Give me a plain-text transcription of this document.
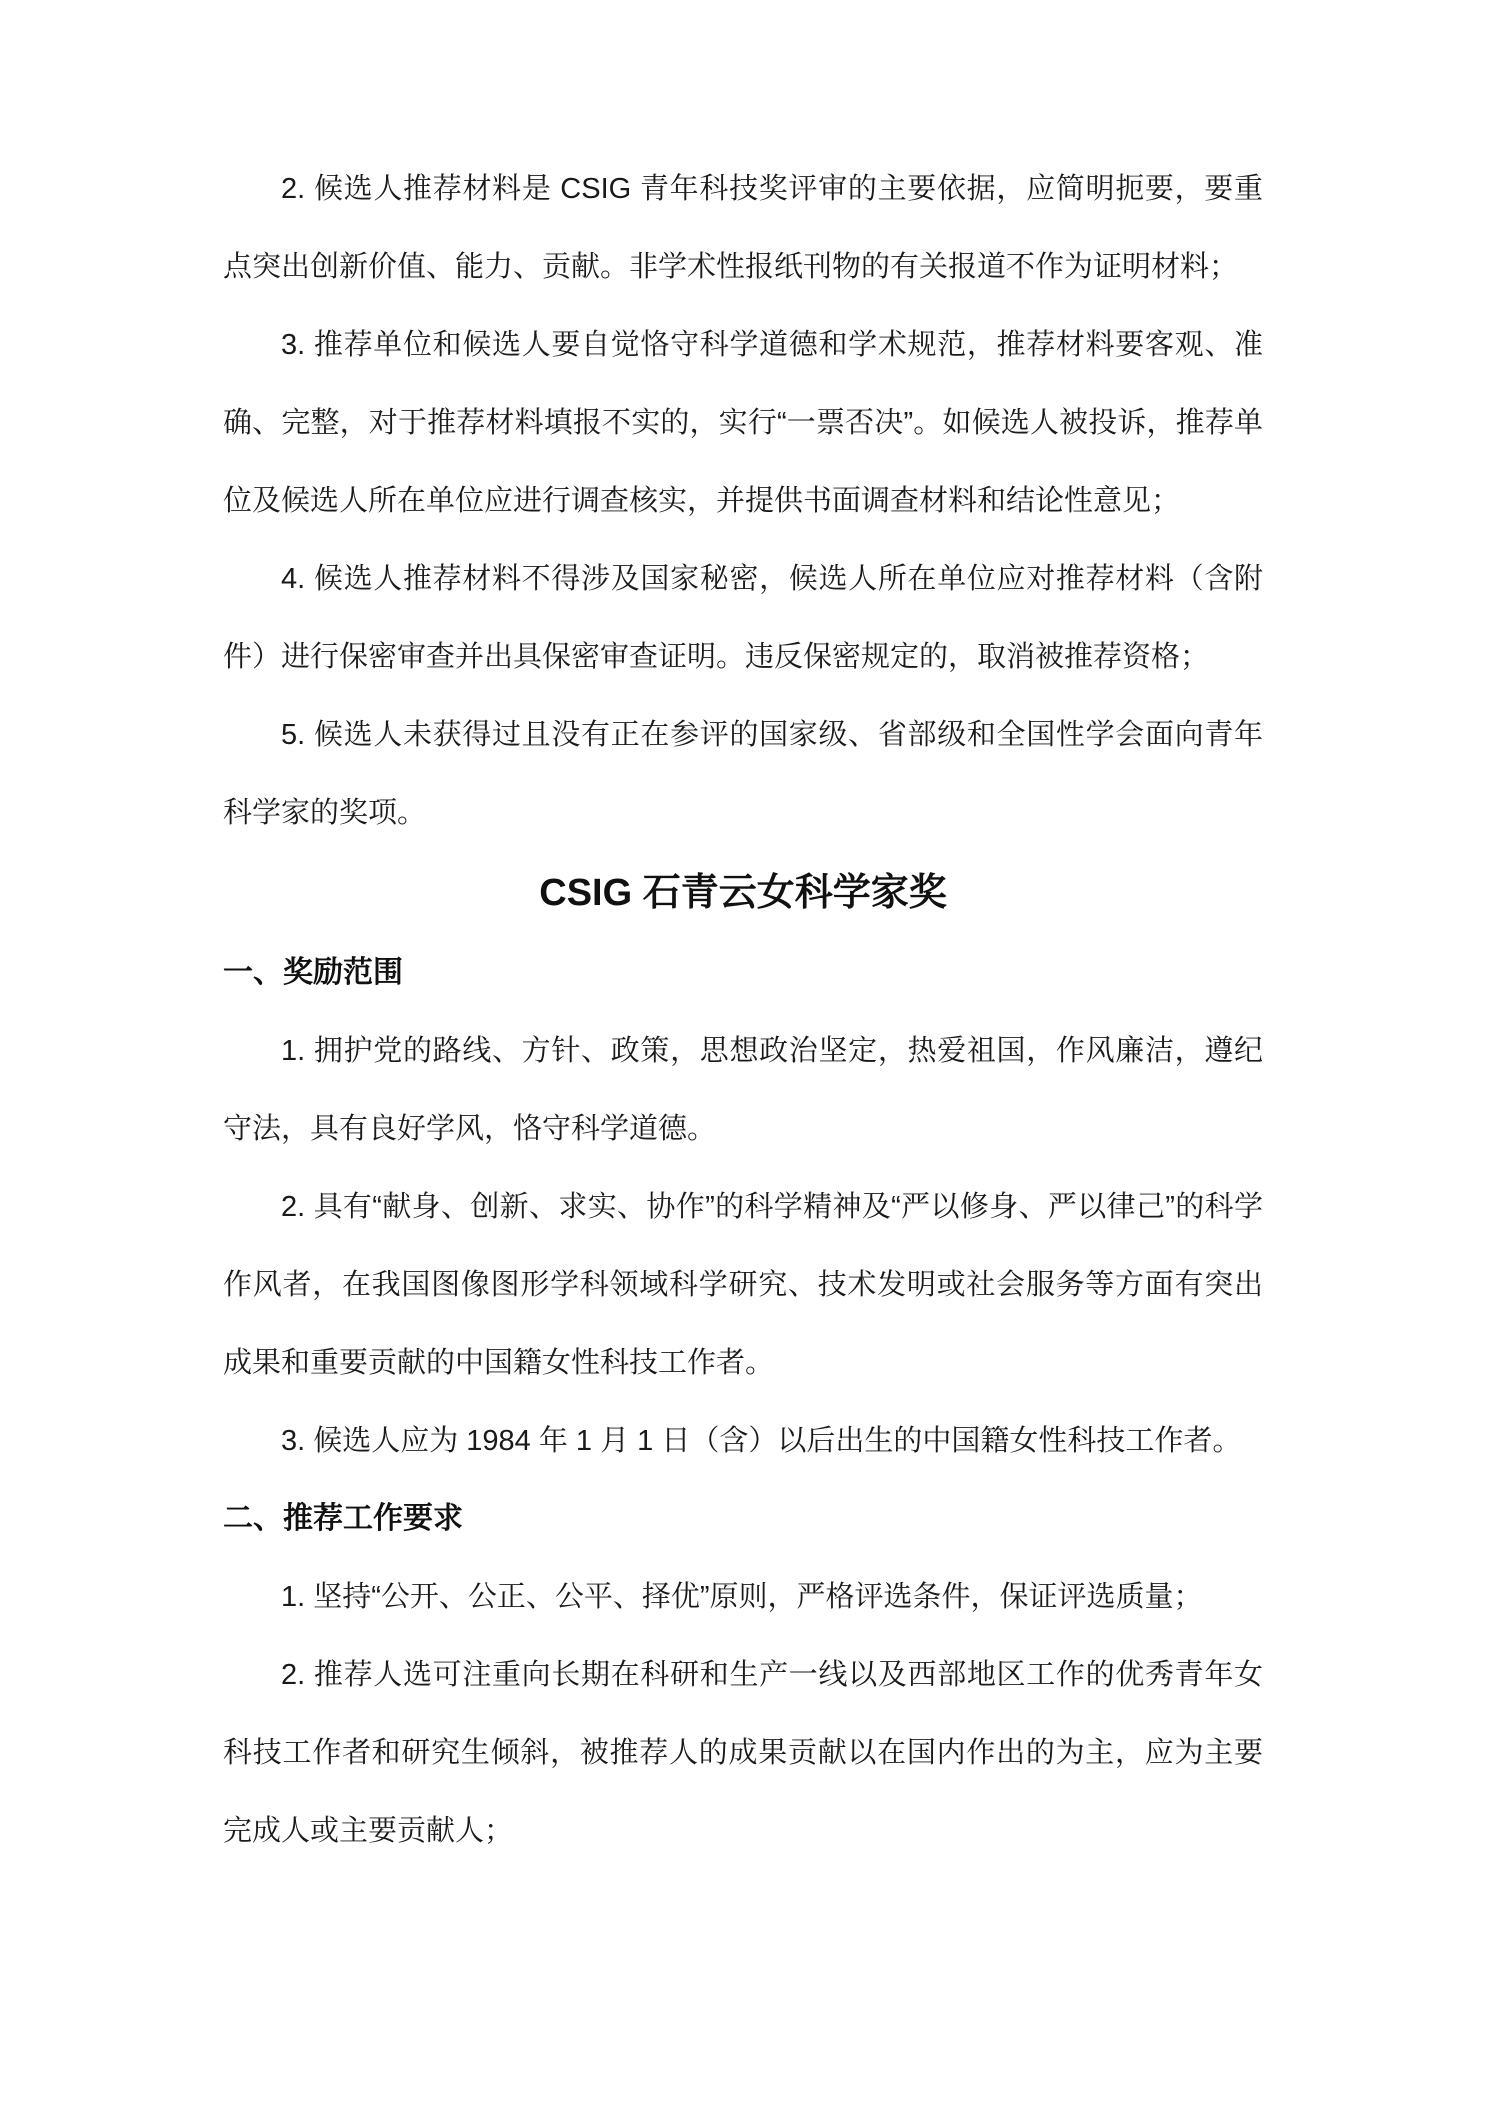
2. 候选人推荐材料是 CSIG 青年科技奖评审的主要依据，应简明扼要，要重点突出创新价值、能力、贡献。非学术性报纸刊物的有关报道不作为证明材料；

3. 推荐单位和候选人要自觉恪守科学道德和学术规范，推荐材料要客观、准确、完整，对于推荐材料填报不实的，实行“一票否决”。如候选人被投诉，推荐单位及候选人所在单位应进行调查核实，并提供书面调查材料和结论性意见；

4. 候选人推荐材料不得涉及国家秘密，候选人所在单位应对推荐材料（含附件）进行保密审查并出具保密审查证明。违反保密规定的，取消被推荐资格；

5. 候选人未获得过且没有正在参评的国家级、省部级和全国性学会面向青年科学家的奖项。

CSIG 石青云女科学家奖
一、奖励范围

1. 拥护党的路线、方针、政策，思想政治坚定，热爱祖国，作风廉洁，遵纪守法，具有良好学风，恪守科学道德。

2. 具有“献身、创新、求实、协作”的科学精神及“严以修身、严以律己”的科学作风者，在我国图像图形学科领域科学研究、技术发明或社会服务等方面有突出成果和重要贡献的中国籍女性科技工作者。

3. 候选人应为 1984 年 1 月 1 日（含）以后出生的中国籍女性科技工作者。

二、推荐工作要求

1. 坚持“公开、公正、公平、择优”原则，严格评选条件，保证评选质量；

2. 推荐人选可注重向长期在科研和生产一线以及西部地区工作的优秀青年女科技工作者和研究生倾斜，被推荐人的成果贡献以在国内作出的为主，应为主要完成人或主要贡献人；
